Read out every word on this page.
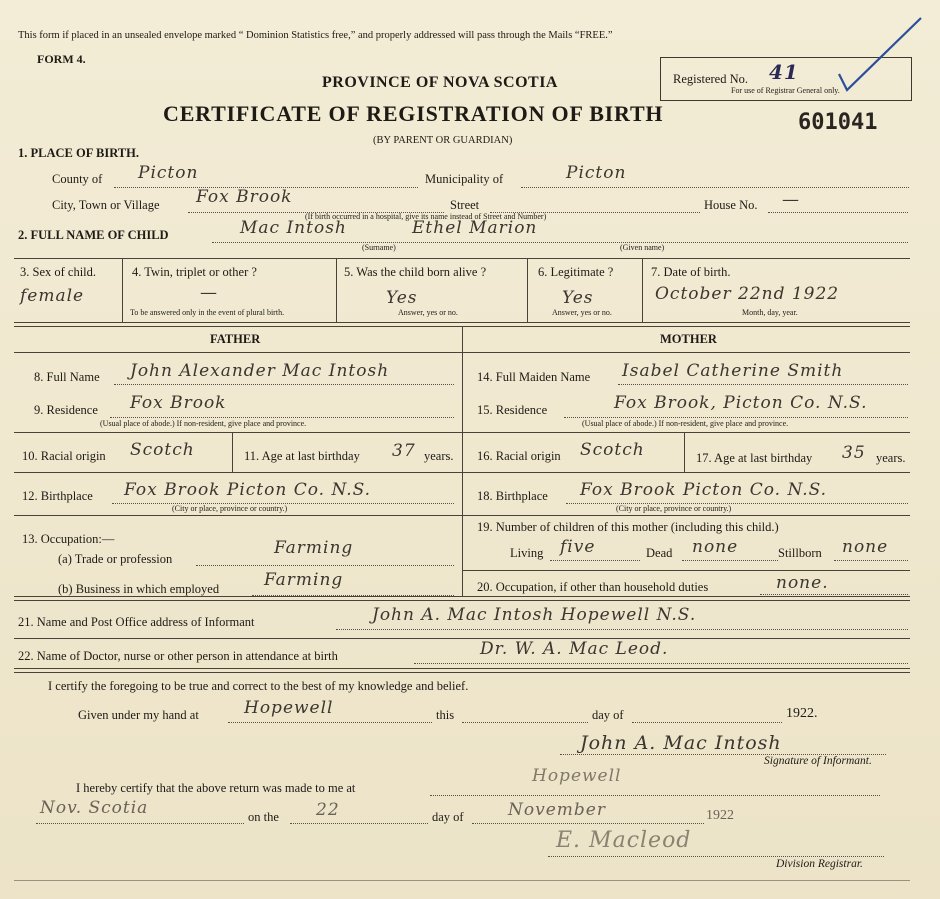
This form if placed in an unsealed envelope marked “ Dominion Statistics free,” and properly addressed will pass through the Mails “FREE.”
FORM 4.
PROVINCE OF NOVA SCOTIA
CERTIFICATE OF REGISTRATION OF BIRTH
(BY PARENT OR GUARDIAN)
Registered No. 41
For use of Registrar General only.
601041
1. PLACE OF BIRTH.
County of Picton	Municipality of	Picton
City, Town or Village Fox Brook	Street	House No. —
(If birth occurred in a hospital, give its name instead of Street and Number)
2. FULL NAME OF CHILD	Mac Intosh	Ethel Marion
(Surname)	(Given name)
3. Sex of child.
female
4. Twin, triplet or other ?
—
To be answered only in the event of plural birth.
5. Was the child born alive ?
Yes
Answer, yes or no.
6. Legitimate ?
Yes
Answer, yes or no.
7. Date of birth.
October 22nd 1922
Month, day, year.
FATHER	MOTHER
8. Full Name John Alexander Mac Intosh	14. Full Maiden Name Isabel Catherine Smith
9. Residence Fox Brook
(Usual place of abode.) If non-resident, give place and province.
15. Residence	Fox Brook, Picton Co. N.S.
(Usual place of abode.) If non-resident, give place and province.
10. Racial origin Scotch	11. Age at last birthday 37 years. 16. Racial origin Scotch	17. Age at last birthday 35 years.
12. Birthplace Fox Brook Picton Co. N.S.
(City or place, province or country.)
18. Birthplace Fox Brook Picton Co. N.S.
(City or place, province or country.)
13. Occupation:—
(a) Trade or profession
Farming
(b) Business in which employed	Farming
19. Number of children of this mother (including this child.)
Living five	Dead none	Stillborn none
20. Occupation, if other than household duties	none.
21. Name and Post Office address of Informant	John A. Mac Intosh Hopewell N.S.
22. Name of Doctor, nurse or other person in attendance at birth	Dr. W. A. Mac Leod.
I certify the foregoing to be true and correct to the best of my knowledge and belief.
Given under my hand at	Hopewell	this	day of	1922.
John A. Mac Intosh
Signature of Informant.
I hereby certify that the above return was made to me at
Hopewell
Nov. Scotia	on the 22	day of	November	1922
E. Macleod
Division Registrar.
